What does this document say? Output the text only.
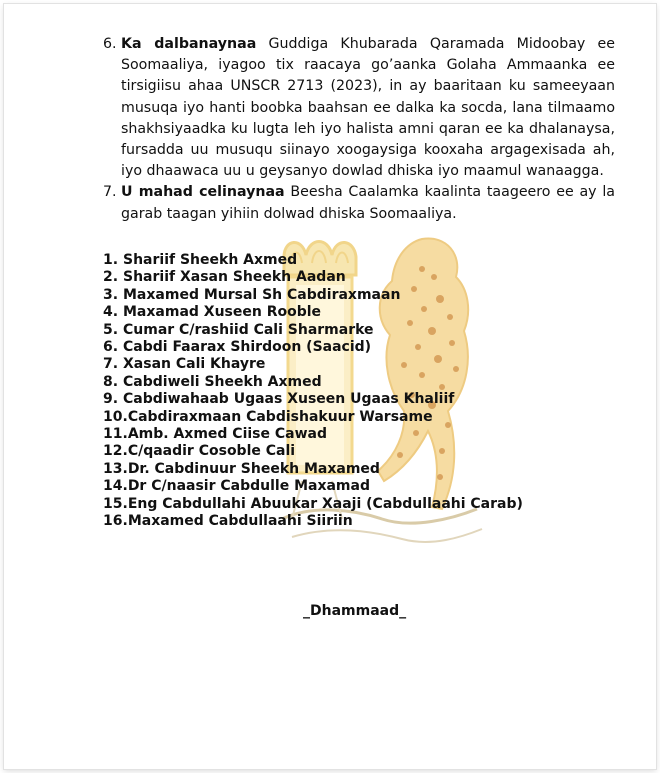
6. Ka dalbanaynaa Guddiga Khubarada Qaramada Midoobay ee Soomaaliya, iyagoo tix raacaya go’aanka Golaha Ammaanka ee tirsigiisu ahaa UNSCR 2713 (2023), in ay baaritaan ku sameeyaan musuqa iyo hanti boobka baahsan ee dalka ka socda, lana tilmaamo shakhsiyaadka ku lugta leh iyo halista amni qaran ee ka dhalanaysa, fursadda uu musuqu siinayo xoogaysiga kooxaha argagexisada ah, iyo dhaawaca uu u geysanyo dowlad dhiska iyo maamul wanaagga.
7. U mahad celinaynaa Beesha Caalamka kaalinta taageero ee ay la garab taagan yihiin dolwad dhiska Soomaaliya.
1. Shariif Sheekh Axmed
2. Shariif Xasan Sheekh Aadan
3. Maxamed Mursal Sh Cabdiraxmaan
4. Maxamad Xuseen Rooble
5. Cumar C/rashiid Cali Sharmarke
6. Cabdi Faarax Shirdoon (Saacid)
7. Xasan Cali Khayre
8. Cabdiweli Sheekh Axmed
9. Cabdiwahaab Ugaas Xuseen Ugaas Khaliif
10. Cabdiraxmaan Cabdishakuur Warsame
11. Amb. Axmed Ciise Cawad
12. C/qaadir Cosoble Cali
13. Dr. Cabdinuur Sheekh Maxamed
14. Dr C/naasir Cabdulle Maxamad
15. Eng Cabdullahi Abuukar Xaaji (Cabdullaahi Carab)
16. Maxamed Cabdullaahi Siiriin
_Dhammaad_
